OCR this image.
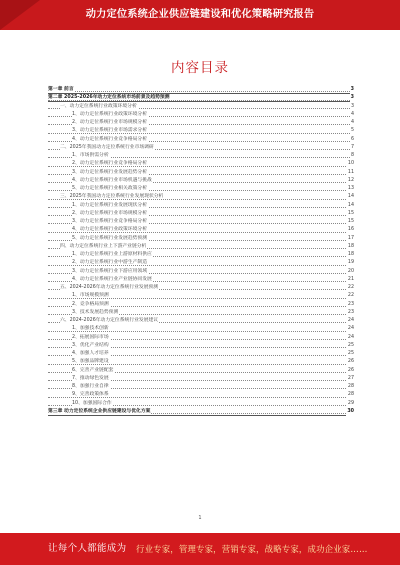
动力定位系统企业供应链建设和优化策略研究报告
内容目录
第一章 前言	3
第二章 2025-2026年动力定位系统市场前景及趋势预测	3
一、动力定位系统行业政策环境分析	3
1、动力定位系统行业政策环境分析	4
2、动力定位系统行业市场规模分析	4
3、动力定位系统行业市场需求分析	5
4、动力定位系统行业竞争格局分析	6
二、2025年我国动力定位系统行业市场调研	7
1、市场供需分析	8
2、动力定位系统行业竞争格局分析	10
3、动力定位系统行业发展趋势分析	11
4、动力定位系统行业市场机遇与挑战	12
5、动力定位系统行业相关政策分析	13
三、2025年我国动力定位系统行业发展现状分析	14
1、动力定位系统行业发展现状分析	14
2、动力定位系统行业市场规模分析	15
3、动力定位系统行业竞争格局分析	15
4、动力定位系统行业政策环境分析	16
5、动力定位系统行业发展趋势预测	17
四、动力定位系统行业上下游产业链分析	18
1、动力定位系统行业上游原材料供应	18
2、动力定位系统行业中游生产制造	19
3、动力定位系统行业下游应用领域	20
4、动力定位系统行业产业链协同发展	21
五、2024-2026年动力定位系统行业发展预测	22
1、市场规模预测	22
2、竞争格局预测	23
3、技术发展趋势预测	23
六、2024-2026年动力定位系统行业发展建议	24
1、加强技术创新	24
2、拓展国际市场	24
3、优化产业结构	25
4、加强人才培养	25
5、加强品牌建设	26
6、完善产业链配套	26
7、推动绿色发展	27
8、加强行业自律	28
9、完善政策体系	28
10、加强国际合作	29
第三章 动力定位系统企业供应链建设与优化方案	30
1
让每个人都能成为 行业专家，管理专家，营销专家，战略专家，成功企业家……
